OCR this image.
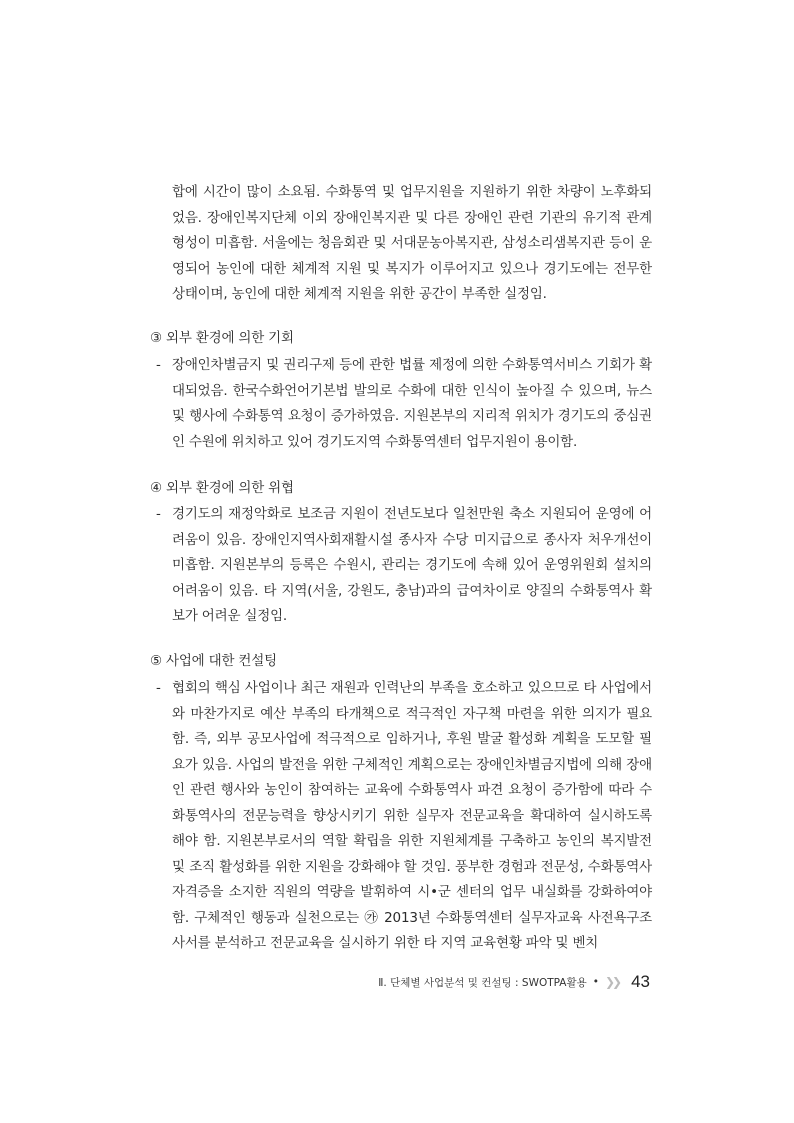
합에 시간이 많이 소요됨. 수화통역 및 업무지원을 지원하기 위한 차량이 노후화되었음. 장애인복지단체 이외 장애인복지관 및 다른 장애인 관련 기관의 유기적 관계 형성이 미흡함. 서울에는 청음회관 및 서대문농아복지관, 삼성소리샘복지관 등이 운영되어 농인에 대한 체계적 지원 및 복지가 이루어지고 있으나 경기도에는 전무한 상태이며, 농인에 대한 체계적 지원을 위한 공간이 부족한 실정임.

③ 외부 환경에 의한 기회
- 장애인차별금지 및 권리구제 등에 관한 법률 제정에 의한 수화통역서비스 기회가 확대되었음. 한국수화언어기본법 발의로 수화에 대한 인식이 높아질 수 있으며, 뉴스 및 행사에 수화통역 요청이 증가하였음. 지원본부의 지리적 위치가 경기도의 중심권인 수원에 위치하고 있어 경기도지역 수화통역센터 업무지원이 용이함.

④ 외부 환경에 의한 위협
- 경기도의 재정악화로 보조금 지원이 전년도보다 일천만원 축소 지원되어 운영에 어려움이 있음. 장애인지역사회재활시설 종사자 수당 미지급으로 종사자 처우개선이 미흡함. 지원본부의 등록은 수원시, 관리는 경기도에 속해 있어 운영위원회 설치의 어려움이 있음. 타 지역(서울, 강원도, 충남)과의 급여차이로 양질의 수화통역사 확보가 어려운 실정임.

⑤ 사업에 대한 컨설팅
- 협회의 핵심 사업이나 최근 재원과 인력난의 부족을 호소하고 있으므로 타 사업에서와 마찬가지로 예산 부족의 타개책으로 적극적인 자구책 마련을 위한 의지가 필요함. 즉, 외부 공모사업에 적극적으로 임하거나, 후원 발굴 활성화 계획을 도모할 필요가 있음. 사업의 발전을 위한 구체적인 계획으로는 장애인차별금지법에 의해 장애인 관련 행사와 농인이 참여하는 교육에 수화통역사 파견 요청이 증가함에 따라 수화통역사의 전문능력을 향상시키기 위한 실무자 전문교육을 확대하여 실시하도록 해야 함. 지원본부로서의 역할 확립을 위한 지원체계를 구축하고 농인의 복지발전 및 조직 활성화를 위한 지원을 강화해야 할 것임. 풍부한 경험과 전문성, 수화통역사 자격증을 소지한 직원의 역량을 발휘하여 시•군 센터의 업무 내실화를 강화하여야 함. 구체적인 행동과 실천으로는 ㉮ 2013년 수화통역센터 실무자교육 사전욕구조사서를 분석하고 전문교육을 실시하기 위한 타 지역 교육현황 파악 및 벤치

Ⅱ. 단체별 사업분석 및 컨설팅 : SWOTPA활용 • ❯❯ 43
